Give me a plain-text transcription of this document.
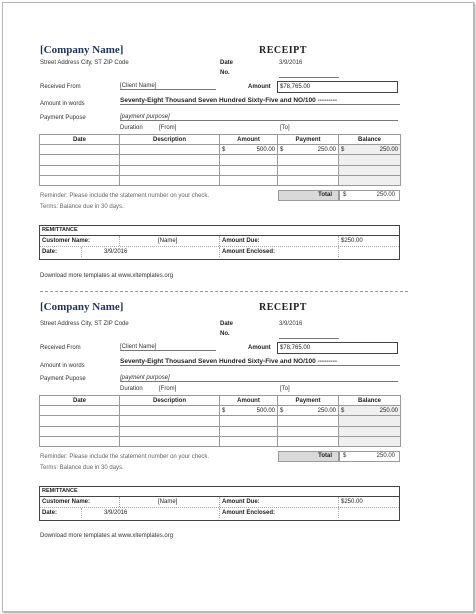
[Company Name]	RECEIPT
Street Address City, ST ZIP Code	Date	3/9/2016
No.
Received From	[Client Name]	Amount	$78,765.00
Amount in words	Seventy-Eight Thousand Seven Hundred Sixty-Five and NO/100 ---------
Payment Pupose	[payment purpose]
Duration	[From]	[To]
Date	Description	Amount	Payment	Balance

		$ 500.00	$ 250.00	$ 250.00

Reminder: Please include the statement number on your check.
Terms: Balance due in 30 days.
Total $	250.00
REMITTANCE
Customer Name:	[Name]	Amount Due:	$250.00
Date:	3/9/2016	Amount Enclosed:
Download more templates at www.xltemplates.org
[Company Name]	RECEIPT
Street Address City, ST ZIP Code	Date	3/9/2016
No.
Received From	[Client Name]	Amount	$78,765.00
Amount in words
Seventy-Eight Thousand Seven Hundred Sixty-Five and NO/100 ---------
Payment Pupose	[payment purpose]
Duration	[From]	[To]
Date	Description	Amount	Payment	Balance

		$ 500.00	$ 250.00	$ 250.00

Reminder: Please include the statement number on your check.
Terms: Balance due in 30 days.
Total $	250.00
REMITTANCE
Customer Name:	[Name]	Amount Due:	$250.00
Date:	3/9/2016	Amount Enclosed:
Download more templates at www.xltemplates.org
